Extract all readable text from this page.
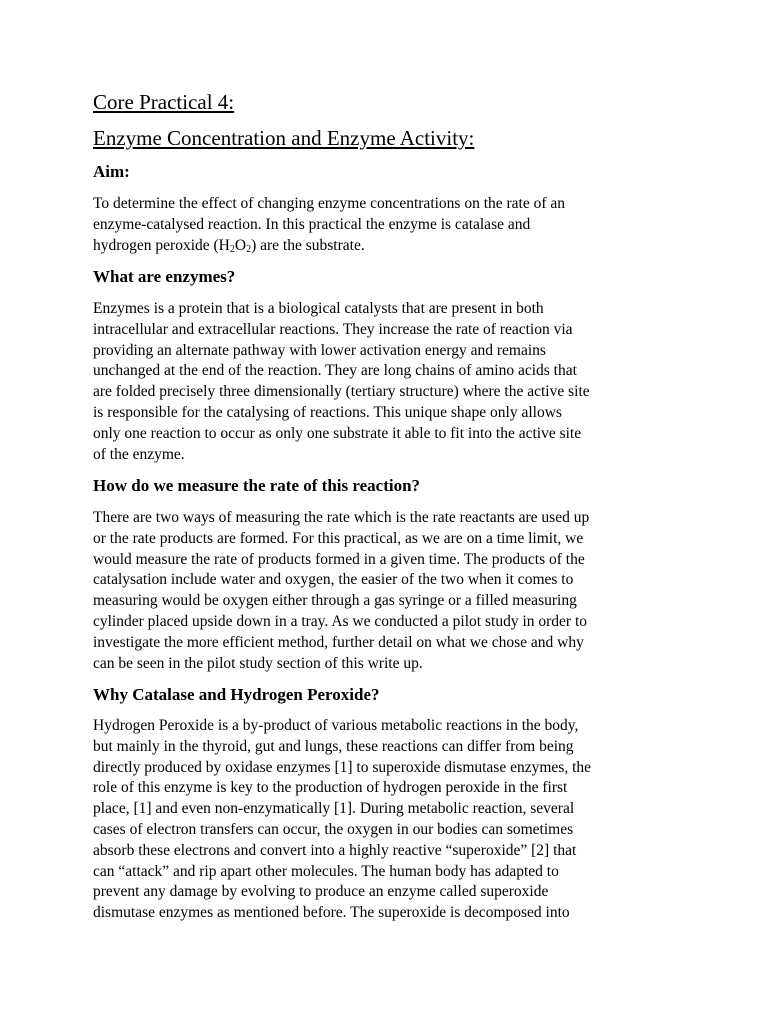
Core Practical 4:
Enzyme Concentration and Enzyme Activity:
Aim:
To determine the effect of changing enzyme concentrations on the rate of an
enzyme-catalysed reaction. In this practical the enzyme is catalase and
hydrogen peroxide $(H_2O_2)$ are the substrate.
What are enzymes?
Enzymes is a protein that is a biological catalysts that are present in both
intracellular and extracellular reactions. They increase the rate of reaction via
providing an alternate pathway with lower activation energy and remains
unchanged at the end of the reaction. They are long chains of amino acids that
are folded precisely three dimensionally (tertiary structure) where the active site
is responsible for the catalysing of reactions. This unique shape only allows
only one reaction to occur as only one substrate it able to fit into the active site
of the enzyme.
How do we measure the rate of this reaction?
There are two ways of measuring the rate which is the rate reactants are used up
or the rate products are formed. For this practical, as we are on a time limit, we
would measure the rate of products formed in a given time. The products of the
catalysation include water and oxygen, the easier of the two when it comes to
measuring would be oxygen either through a gas syringe or a filled measuring
cylinder placed upside down in a tray. As we conducted a pilot study in order to
investigate the more efficient method, further detail on what we chose and why
can be seen in the pilot study section of this write up.
Why Catalase and Hydrogen Peroxide?
Hydrogen Peroxide is a by-product of various metabolic reactions in the body,
but mainly in the thyroid, gut and lungs, these reactions can differ from being
directly produced by oxidase enzymes [1] to superoxide dismutase enzymes, the
role of this enzyme is key to the production of hydrogen peroxide in the first
place, [1] and even non-enzymatically [1]. During metabolic reaction, several
cases of electron transfers can occur, the oxygen in our bodies can sometimes
absorb these electrons and convert into a highly reactive “superoxide” [2] that
can “attack” and rip apart other molecules. The human body has adapted to
prevent any damage by evolving to produce an enzyme called superoxide
dismutase enzymes as mentioned before. The superoxide is decomposed into
